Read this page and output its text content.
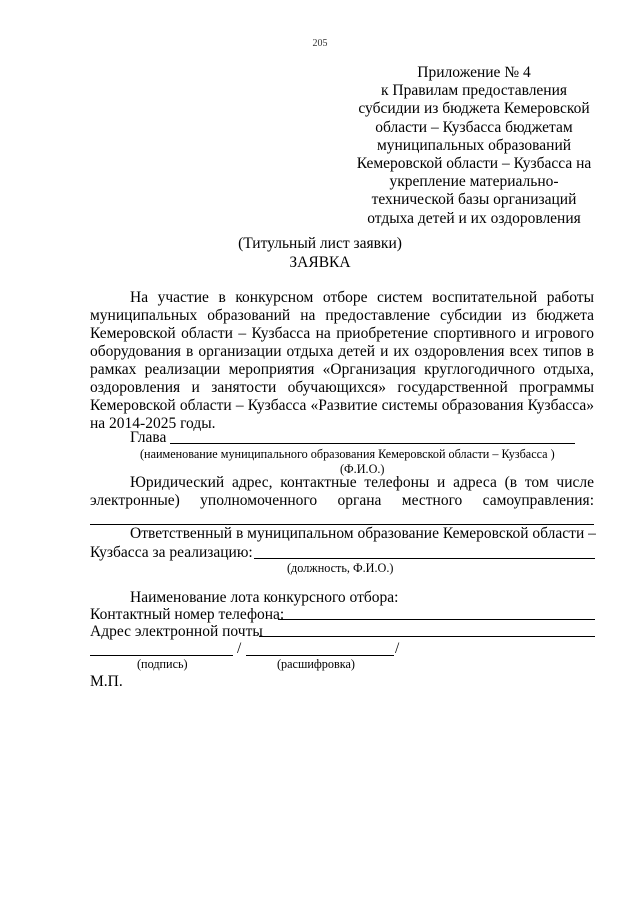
205
Приложение № 4
к Правилам предоставления
субсидии из бюджета Кемеровской
области – Кузбасса бюджетам
муниципальных образований
Кемеровской области – Кузбасса на
укрепление материально-
технической базы организаций
отдыха детей и их оздоровления
(Титульный лист заявки)
ЗАЯВКА
На участие в конкурсном отборе систем воспитательной работы
муниципальных образований на предоставление субсидии из бюджета
Кемеровской области – Кузбасса на приобретение спортивного и игрового
оборудования в организации отдыха детей и их оздоровления всех типов в
рамках реализации мероприятия «Организация круглогодичного отдыха,
оздоровления и занятости обучающихся» государственной программы
Кемеровской области – Кузбасса «Развитие системы образования Кузбасса»
на 2014-2025 годы.
Глава
(наименование муниципального образования Кемеровской области – Кузбасса )
(Ф.И.О.)
Юридический адрес, контактные телефоны и адреса (в том числе
электронные) уполномоченного органа местного самоуправления:
Ответственный в муниципальном образование Кемеровской области –
Кузбасса за реализацию:
(должность, Ф.И.О.)
Наименование лота конкурсного отбора:
Контактный номер телефона:
Адрес электронной почты
/	/
(подпись)	(расшифровка)
М.П.
